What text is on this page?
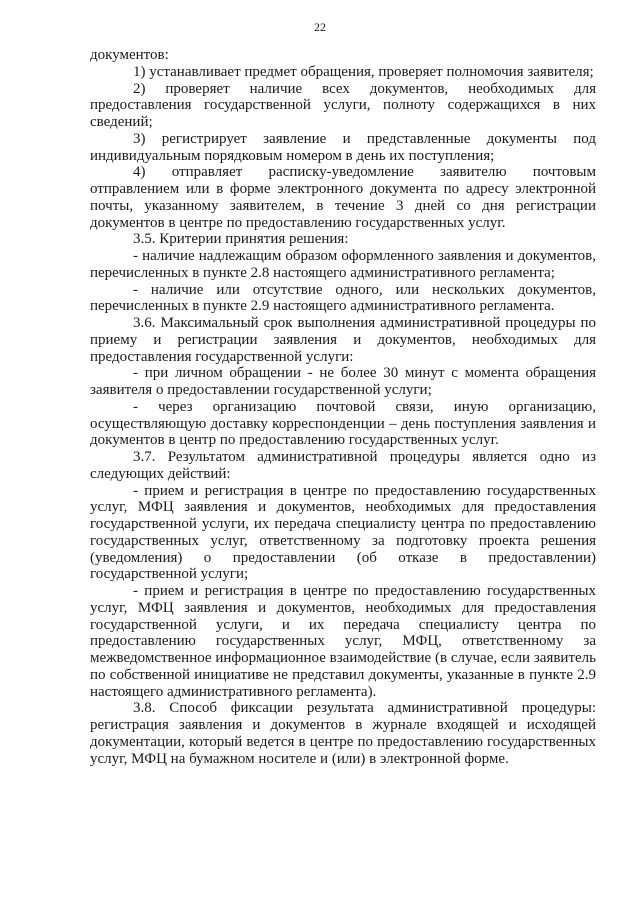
22

документов:

1) устанавливает предмет обращения, проверяет полномочия заявителя;

2) проверяет наличие всех документов, необходимых для предоставления государственной услуги, полноту содержащихся в них сведений;

3) регистрирует заявление и представленные документы под индивидуальным порядковым номером в день их поступления;

4) отправляет расписку-уведомление заявителю почтовым отправлением или в форме электронного документа по адресу электронной почты, указанному заявителем, в течение 3 дней со дня регистрации документов в центре по предоставлению государственных услуг.

3.5. Критерии принятия решения:

- наличие надлежащим образом оформленного заявления и документов, перечисленных в пункте 2.8 настоящего административного регламента;

- наличие или отсутствие одного, или нескольких документов, перечисленных в пункте 2.9 настоящего административного регламента.

3.6. Максимальный срок выполнения административной процедуры по приему и регистрации заявления и документов, необходимых для предоставления государственной услуги:

- при личном обращении - не более 30 минут с момента обращения заявителя о предоставлении государственной услуги;

- через организацию почтовой связи, иную организацию, осуществляющую доставку корреспонденции – день поступления заявления и документов в центр по предоставлению государственных услуг.

3.7. Результатом административной процедуры является одно из следующих действий:

- прием и регистрация в центре по предоставлению государственных услуг, МФЦ заявления и документов, необходимых для предоставления государственной услуги, их передача специалисту центра по предоставлению государственных услуг, ответственному за подготовку проекта решения (уведомления) о предоставлении (об отказе в предоставлении) государственной услуги;

- прием и регистрация в центре по предоставлению государственных услуг, МФЦ заявления и документов, необходимых для предоставления государственной услуги, и их передача специалисту центра по предоставлению государственных услуг, МФЦ, ответственному за межведомственное информационное взаимодействие (в случае, если заявитель по собственной инициативе не представил документы, указанные в пункте 2.9 настоящего административного регламента).

3.8. Способ фиксации результата административной процедуры: регистрация заявления и документов в журнале входящей и исходящей документации, который ведется в центре по предоставлению государственных услуг, МФЦ на бумажном носителе и (или) в электронной форме.
